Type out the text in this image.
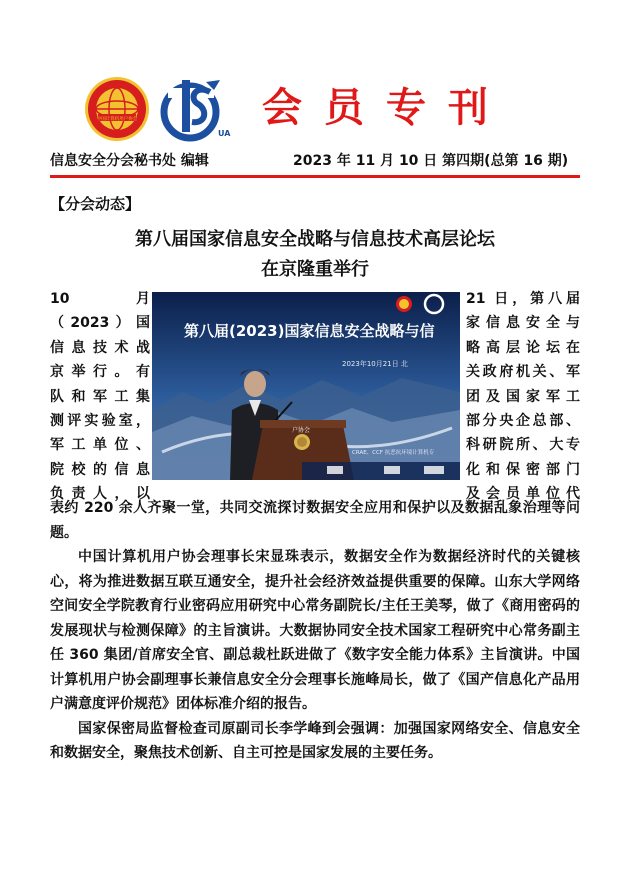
中国计算机用户协会
UA
会员专刊
信息安全分会秘书处 编辑	2023 年 11 月 10 日 第四期(总第 16 期)
【分会动态】
第八届国家信息安全战略与信息技术高层论坛
在京隆重举行
10 月
（2023）国
信息技术战
京举行。有
队和军工集
测评实验室，
军工单位、
院校的信息
负责人，以
第八届(2023)国家信息安全战略与信
2023年10月21日 北
户协会
CRAE、CCF 抗恶抗环境计算机专
21 日，第八届
家信息安全与
略高层论坛在
关政府机关、军
团及国家军工
部分央企总部、
科研院所、大专
化和保密部门
及会员单位代

表约 220 余人齐聚一堂，共同交流探讨数据安全应用和保护以及数据乱象治理等问题。

中国计算机用户协会理事长宋显珠表示，数据安全作为数据经济时代的关键核心，将为推进数据互联互通安全，提升社会经济效益提供重要的保障。山东大学网络空间安全学院教育行业密码应用研究中心常务副院长/主任王美琴，做了《商用密码的发展现状与检测保障》的主旨演讲。大数据协同安全技术国家工程研究中心常务副主任 360 集团/首席安全官、副总裁杜跃进做了《数字安全能力体系》主旨演讲。中国计算机用户协会副理事长兼信息安全分会理事长施峰局长，做了《国产信息化产品用户满意度评价规范》团体标准介绍的报告。

国家保密局监督检查司原副司长李学峰到会强调：加强国家网络安全、信息安全和数据安全，聚焦技术创新、自主可控是国家发展的主要任务。
